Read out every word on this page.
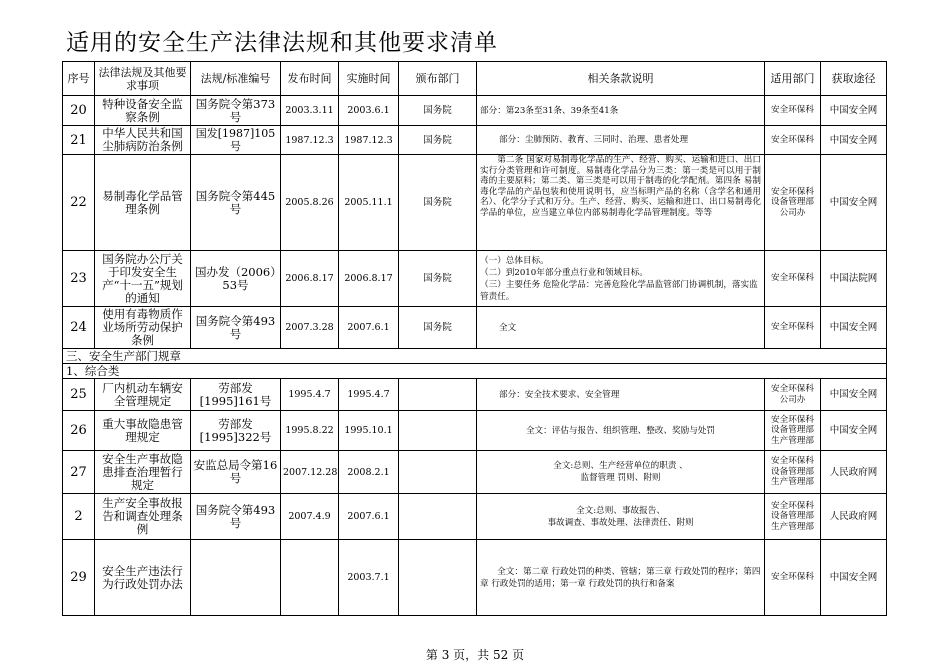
适用的安全生产法律法规和其他要求清单
序号	法律法规及其他要求事项	法规/标准编号	发布时间	实施时间	颁布部门	相关条款说明	适用部门	获取途径
20	特种设备安全监察条例	国务院令第373号	2003.3.11	2003.6.1	国务院	部分：第23条至31条、39条至41条	安全环保科	中国安全网
21	中华人民共和国尘肺病防治条例	国发[1987]105号	1987.12.3	1987.12.3	国务院	部分：尘肺预防、教育、三同时、治理、患者处理	安全环保科	中国安全网
22	易制毒化学品管理条例	国务院令第445号	2005.8.26	2005.11.1	国务院	第二条 国家对易制毒化学品的生产、经营、购买、运输和进口、出口实行分类管理和许可制度。易制毒化学品分为三类：第一类是可以用于制毒的主要原料；第二类、第三类是可以用于制毒的化学配剂。第四条 易制毒化学品的产品包装和使用说明书，应当标明产品的名称（含学名和通用名）、化学分子式和万分。生产、经营、购买、运输和进口、出口易制毒化学品的单位，应当建立单位内部易制毒化学品管理制度。等等	安全环保科设备管理部公司办	中国安全网
23	国务院办公厅关于印发安全生产“十一五”规划的通知	国办发（2006）53号	2006.8.17	2006.8.17	国务院	（一）总体目标。
（二）到2010年部分重点行业和领域目标。
（三）主要任务 危险化学品：完善危险化学品监管部门协调机制，落实监管责任。	安全环保科	中国法院网
24	使用有毒物质作业场所劳动保护条例	国务院令第493号	2007.3.28	2007.6.1	国务院	全文	安全环保科	中国安全网
三、安全生产部门规章								
1、综合类								
25	厂内机动车辆安全管理规定	劳部发[1995]161号	1995.4.7	1995.4.7		部分：安全技术要求、安全管理	安全环保科公司办	中国安全网
26	重大事故隐患管理规定	劳部发[1995]322号	1995.8.22	1995.10.1		全文：评估与报告、组织管理、整改、奖励与处罚	安全环保科设备管理部生产管理部	中国安全网
27	安全生产事故隐患排查治理暂行规定	安监总局令第16号	2007.12.28	2008.2.1		全文:总则、生产经营单位的职责 、
监督管理 罚则、附则	安全环保科设备管理部生产管理部	人民政府网
2	生产安全事故报告和调查处理条例	国务院令第493号	2007.4.9	2007.6.1		全文:总则、事故报告、
事故调查、事故处理、法律责任、附则	安全环保科设备管理部生产管理部	人民政府网
29	安全生产违法行为行政处罚办法			2003.7.1		全文：第二章 行政处罚的种类、管辖；第三章 行政处罚的程序；第四章 行政处罚的适用；第一章 行政处罚的执行和备案	安全环保科	中国安全网
第 3 页，共 52 页
